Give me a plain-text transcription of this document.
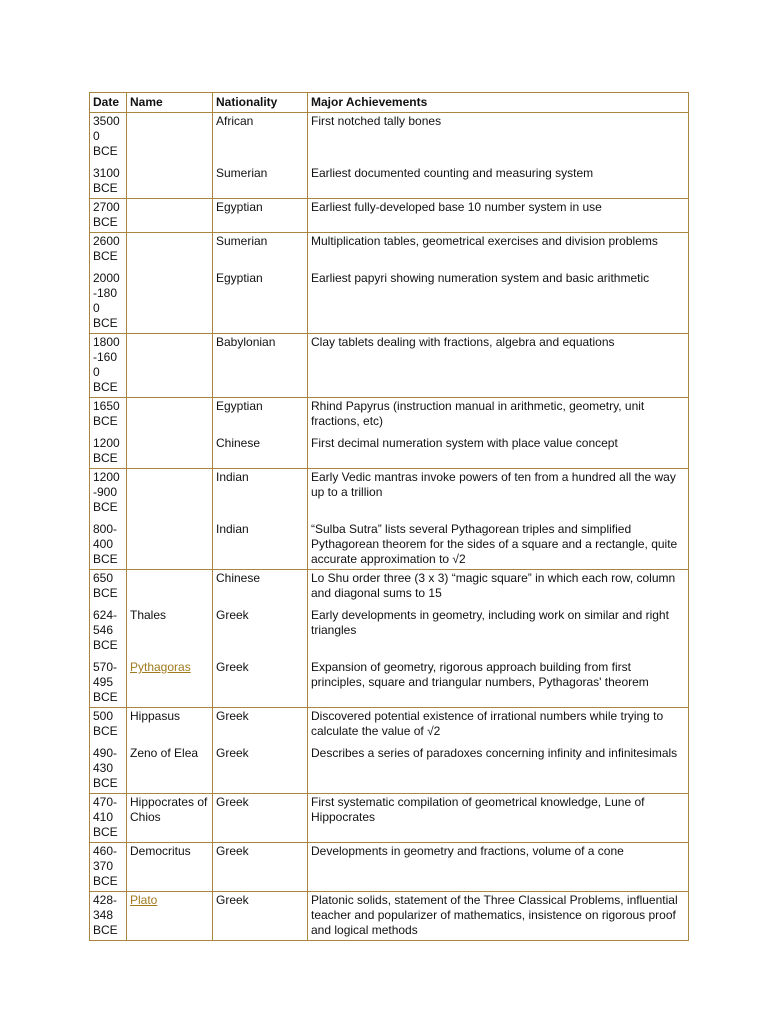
Date	Name	Nationality	Major Achievements
35000 BCE		African	First notched tally bones
3100 BCE		Sumerian	Earliest documented counting and measuring system
2700 BCE		Egyptian	Earliest fully-developed base 10 number system in use
2600 BCE		Sumerian	Multiplication tables, geometrical exercises and division problems
2000-1800 BCE		Egyptian	Earliest papyri showing numeration system and basic arithmetic
1800-1600 BCE		Babylonian	Clay tablets dealing with fractions, algebra and equations
1650 BCE		Egyptian	Rhind Papyrus (instruction manual in arithmetic, geometry, unit fractions, etc)
1200 BCE		Chinese	First decimal numeration system with place value concept
1200-900 BCE		Indian	Early Vedic mantras invoke powers of ten from a hundred all the way up to a trillion
800-400 BCE		Indian	“Sulba Sutra” lists several Pythagorean triples and simplified Pythagorean theorem for the sides of a square and a rectangle, quite accurate approximation to √2
650 BCE		Chinese	Lo Shu order three (3 x 3) “magic square” in which each row, column and diagonal sums to 15
624-546 BCE	Thales	Greek	Early developments in geometry, including work on similar and right triangles
570-495 BCE	Pythagoras	Greek	Expansion of geometry, rigorous approach building from first principles, square and triangular numbers, Pythagoras' theorem
500 BCE	Hippasus	Greek	Discovered potential existence of irrational numbers while trying to calculate the value of √2
490-430 BCE	Zeno of Elea	Greek	Describes a series of paradoxes concerning infinity and infinitesimals
470-410 BCE	Hippocrates of Chios	Greek	First systematic compilation of geometrical knowledge, Lune of Hippocrates
460-370 BCE	Democritus	Greek	Developments in geometry and fractions, volume of a cone
428-348 BCE	Plato	Greek	Platonic solids, statement of the Three Classical Problems, influential teacher and popularizer of mathematics, insistence on rigorous proof and logical methods
